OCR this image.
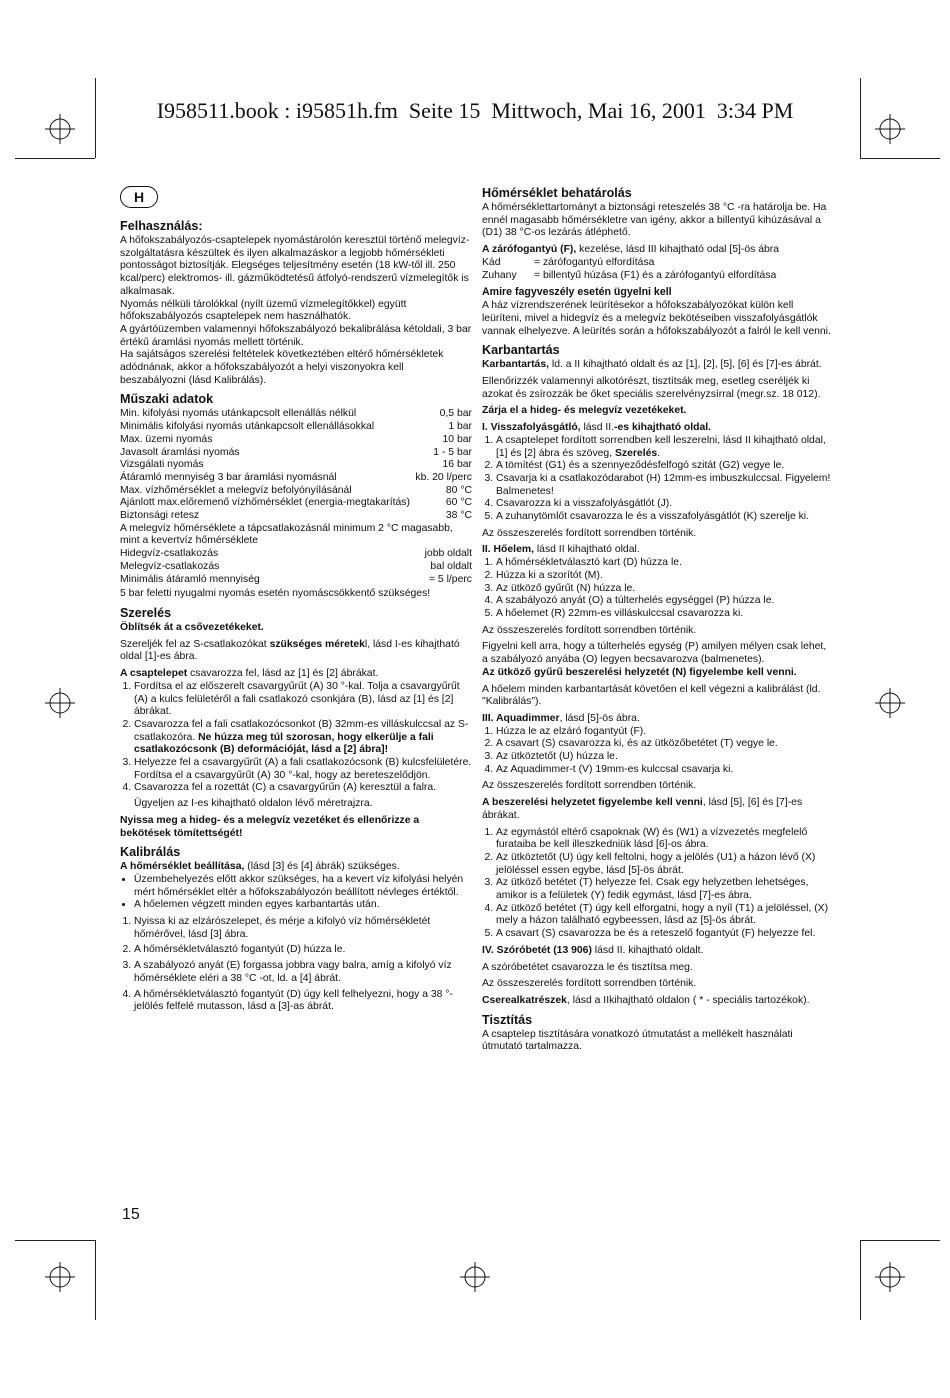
I958511.book : i95851h.fm  Seite 15  Mittwoch, Mai 16, 2001  3:34 PM
H
Felhasználás:

A hőfokszabályozós-csaptelepek nyomástárolón keresztül történő melegvíz-szolgáltatásra készültek és ilyen alkalmazáskor a legjobb hőmérsékleti pontosságot biztosítják. Elegséges teljesítmény esetén (18 kW-től ill. 250 kcal/perc) elektromos- ill. gázműködtetésű átfolyó-rendszerű vízmelegítők is alkalmasak.

Nyomás nélküli tárolókkal (nyílt üzemű vízmelegítőkkel) együtt hőfokszabályozós csaptelepek nem használhatók.

A gyártóüzemben valamennyi hőfokszabályozó bekalibrálása kétoldali, 3 bar értékű áramlási nyomás mellett történik.

Ha sajátságos szerelési feltételek következtében eltérő hőmérsékletek adódnának, akkor a hőfokszabályozót a helyi viszonyokra kell beszabályozni (lásd Kalibrálás).

Műszaki adatok
Min. kifolyási nyomás utánkapcsolt ellenállás nélkül	0,5 bar
Minimális kifolyási nyomás utánkapcsolt ellenállásokkal	1 bar
Max. üzemi nyomás	10 bar
Javasolt áramlási nyomás	1 - 5 bar
Vizsgálati nyomás	16 bar
Átáramló mennyiség 3 bar áramlási nyomásnál	kb. 20 l/perc
Max. vízhőmérséklet a melegvíz befolyónyílásánál	80 °C
Ajánlott max.előremenő vízhőmérséklet (energia-megtakarítás)	60 °C
Biztonsági retesz	38 °C
A melegvíz hőmérséklete a tápcsatlakozásnál minimum 2 °C magasabb, mint a kevertvíz hőmérséklete
Hidegvíz-csatlakozás	jobb oldalt
Melegvíz-csatlakozás	bal oldalt
Minimális átáramló mennyiség	= 5 l/perc

5 bar feletti nyugalmi nyomás esetén nyomáscsökkentő szükséges!

Szerelés

Öblítsék át a csővezetékeket.

Szereljék fel az S-csatlakozókat szükséges méretekl, lásd I-es kihajtható oldal [1]-es ábra.

A csaptelepet csavarozza fel, lásd az [1] és [2] ábrákat.

1. Fordítsa el az előszerelt csavargyűrűt (A) 30 °-kal. Tolja a csavargyűrűt (A) a kulcs felületéről a fali csatlakozó csonkjára (B), lásd az [1] és [2] ábrákat.
2. Csavarozza fel a fali csatlakozócsonkot (B) 32mm-es villáskulccsal az S-csatlakozóra. Ne húzza meg túl szorosan, hogy elkerülje a fali csatlakozócsonk (B) deformációját, lásd a [2] ábra]!
3. Helyezze fel a csavargyűrűt (A) a fali csatlakozócsonk (B) kulcsfelületére. Fordítsa el a csavargyűrűt (A) 30 °-kal, hogy az bereteszelődjön.
4. Csavarozza fel a rozettát (C) a csavargyűrűn (A) keresztül a falra.
Ügyeljen az I-es kihajtható oldalon lévő méretrajzra.

Nyissa meg a hideg- és a melegvíz vezetéket és ellenőrizze a bekötések tömítettségét!

Kalibrálás

A hőmérséklet beállítása, (lásd [3] és [4] ábrák) szükséges.

• Üzembehelyezés előtt akkor szükséges, ha a kevert víz kifolyási helyén mért hőmérséklet eltér a hőfokszabályozón beállított névleges értéktől.
• A hőelemen végzett minden egyes karbantartás után.
1. Nyissa ki az elzárószelepet, és mérje a kifolyó víz hőmérsékletét hőmérővel, lásd [3] ábra.
2. A hőmérsékletválasztó fogantyút (D) húzza le.
3. A szabályozó anyát (E) forgassa jobbra vagy balra, amíg a kifolyó víz hőmérséklete eléri a 38 °C -ot, ld. a [4] ábrát.
4. A hőmérsékletválasztó fogantyút (D) úgy kell felhelyezni, hogy a 38 °-jelölés felfelé mutasson, lásd a [3]-as ábrát.
Hőmérséklet behatárolás

A hőmérséklettartományt a biztonsági reteszelés 38 °C -ra határolja be. Ha ennél magasabb hőmérsékletre van igény, akkor a billentyű kihúzásával a (D1) 38 °C-os lezárás átléphető.

A zárófogantyú (F), kezelése, lásd III kihajtható odal [5]-ös ábra

Kád	= zárófogantyú elfordítása
Zuhany	= billentyű húzása (F1) és a zárófogantyú elfordítása
Amire fagyveszély esetén ügyelni kell

A ház vízrendszerének leürítésekor a hőfokszabályozókat külön kell leüríteni, mivel a hidegvíz és a melegvíz bekötéseiben visszafolyásgátlók vannak elhelyezve. A leürítés során a hőfokszabályozót a falról le kell venni.

Karbantartás

Karbantartás, ld. a II kihajtható oldalt és az [1], [2], [5], [6] és [7]-es ábrát.

Ellenőrizzék valamennyi alkotórészt, tisztítsák meg, esetleg cseréljék ki azokat és zsírozzák be őket speciális szerelvényzsírral (megr.sz. 18 012).

Zárja el a hideg- és melegvíz vezetékeket.

I. Visszafolyásgátló, lásd II.-es kihajtható oldal.

1. A csaptelepet fordított sorrendben kell leszerelni, lásd II kihajtható oldal, [1] és [2] ábra és szöveg, Szerelés.
2. A tömítést (G1) és a szennyeződésfelfogó szitát (G2) vegye le.
3. Csavarja ki a csatlakozódarabot (H) 12mm-es imbuszkulccsal. Figyelem! Balmenetes!
4. Csavarozza ki a visszafolyásgátlót (J).
5. A zuhanytömlőt csavarozza le és a visszafolyásgátlót (K) szerelje ki.

Az összeszerelés fordított sorrendben történik.

II. Hőelem, lásd II kihajtható oldal.

1. A hőmérsékletválasztó kart (D) húzza le.
2. Húzza ki a szorítót (M).
3. Az ütköző gyűrűt (N) húzza le.
4. A szabályozó anyát (O) a túlterhelés egységgel (P) húzza le.
5. A hőelemet (R) 22mm-es villáskulccsal csavarozza ki.

Az összeszerelés fordított sorrendben történik.

Figyelni kell arra, hogy a túlterhelés egység (P) amilyen mélyen csak lehet, a szabályozó anyába (O) legyen becsavarozva (balmenetes).

Az ütköző gyűrű beszerelési helyzetét (N) figyelembe kell venni.

A hőelem minden karbantartását követően el kell végezni a kalibrálást (ld. "Kalibrálás").

III. Aquadimmer, lásd [5]-ös ábra.

1. Húzza le az elzáró fogantyút (F).
2. A csavart (S) csavarozza ki, és az ütközőbetétet (T) vegye le.
3. Az ütköztetőt (U) húzza le.
4. Az Aquadimmer-t (V) 19mm-es kulccsal csavarja ki.

Az összeszerelés fordított sorrendben történik.

A beszerelési helyzetet figyelembe kell venni, lásd [5], [6] és [7]-es ábrákat.

1. Az egymástól eltérő csapoknak (W) és (W1) a vízvezetés megfelelő furataiba be kell illeszkedniük lásd [6]-os ábra.
2. Az ütköztetőt (U) úgy kell feltolni, hogy a jelölés (U1) a házon lévő (X) jelöléssel essen egybe, lásd [5]-ös ábrát.
3. Az ütköző betétet (T) helyezze fel. Csak egy helyzetben lehetséges, amikor is a felületek (Y) fedik egymást, lásd [7]-es ábra.
4. Az ütköző betétet (T) úgy kell elforgatni, hogy a nyíl (T1) a jelöléssel, (X) mely a házon található egybeessen, lásd az [5]-ös ábrát.
5. A csavart (S) csavarozza be és a reteszelő fogantyút (F) helyezze fel.

IV. Szóróbetét (13 906) lásd II. kihajtható oldalt.

A szóróbetétet csavarozza le és tisztítsa meg.

Az összeszerelés fordított sorrendben történik.

Cserealkatrészek, lásd a IIkihajtható oldalon ( * - speciális tartozékok).

Tisztítás

A csaptelep tisztítására vonatkozó útmutatást a mellékelt használati útmutató tartalmazza.

15
